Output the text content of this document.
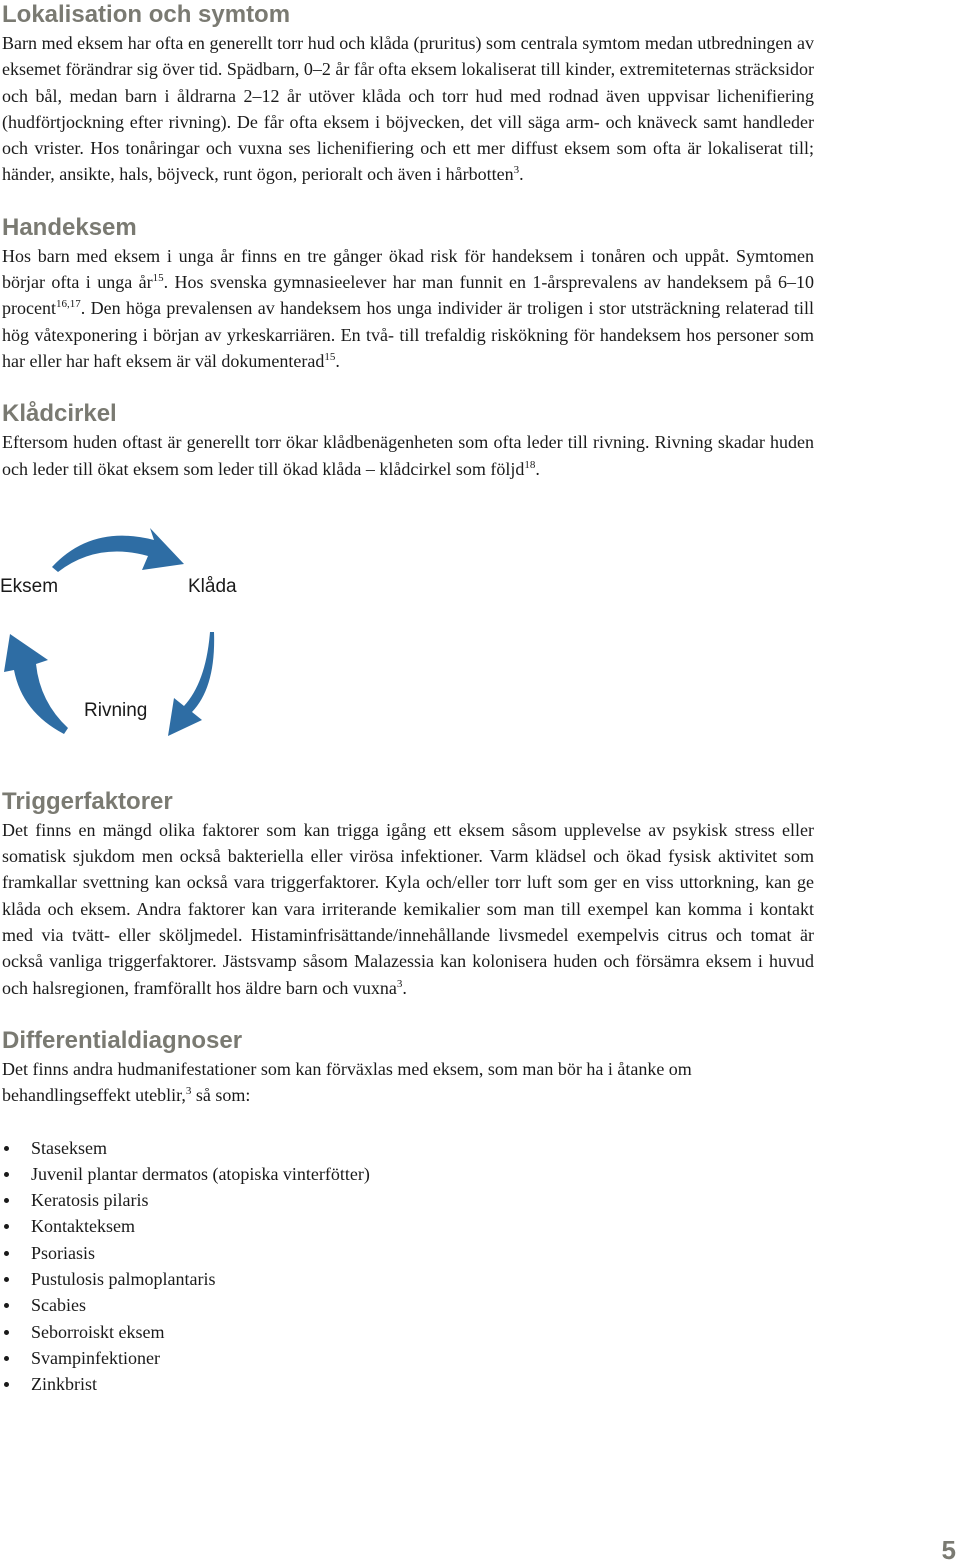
Lokalisation och symtom

Barn med eksem har ofta en generellt torr hud och klåda (pruritus) som centrala symtom medan utbredningen av eksemet förändrar sig över tid. Spädbarn, 0–2 år får ofta eksem lokaliserat till kinder, extremiteternas sträcksidor och bål, medan barn i åldrarna 2–12 år utöver klåda och torr hud med rodnad även uppvisar lichenifiering (hudförtjockning efter rivning). De får ofta eksem i böjvecken, det vill säga arm- och knäveck samt handleder och vrister. Hos tonåringar och vuxna ses lichenifiering och ett mer diffust eksem som ofta är lokaliserat till; händer, ansikte, hals, böjveck, runt ögon, perioralt och även i hårbotten$^3$.

Handeksem

Hos barn med eksem i unga år finns en tre gånger ökad risk för handeksem i tonåren och uppåt. Symtomen börjar ofta i unga $år^{15}$. Hos svenska gymnasieelever har man funnit en 1-årsprevalens av handeksem på 6–10 procent$^{16,17}$. Den höga prevalensen av handeksem hos unga individer är troligen i stor utsträckning relaterad till hög våtexponering i början av yrkeskarriären. En två- till trefaldig riskökning för handeksem hos personer som har eller har haft eksem är väl dokumenterad$^{15}$.

Klådcirkel

Eftersom huden oftast är generellt torr ökar klådbenägenheten som ofta leder till rivning. Rivning skadar huden och leder till ökat eksem som leder till ökad klåda – klådcirkel som följd$^{18}$.

Eksem	Klåda
Rivning
Triggerfaktorer

Det finns en mängd olika faktorer som kan trigga igång ett eksem såsom upplevelse av psykisk stress eller somatisk sjukdom men också bakteriella eller virösa infektioner. Varm klädsel och ökad fysisk aktivitet som framkallar svettning kan också vara triggerfaktorer. Kyla och/eller torr luft som ger en viss uttorkning, kan ge klåda och eksem. Andra faktorer kan vara irriterande kemikalier som man till exempel kan komma i kontakt med via tvätt- eller sköljmedel. Histaminfrisättande/innehållande livsmedel exempelvis citrus och tomat är också vanliga triggerfaktorer. Jästsvamp såsom Malazessia kan kolonisera huden och försämra eksem i huvud och halsregionen, framförallt hos äldre barn och vuxna$^3$.

Differentialdiagnoser

Det finns andra hudmanifestationer som kan förväxlas med eksem, som man bör ha i åtanke om behandlingseffekt uteblir,$^3$ så som:

Staseksem
Juvenil plantar dermatos (atopiska vinterfötter)
Keratosis pilaris
Kontakteksem
Psoriasis
Pustulosis palmoplantaris
Scabies
Seborroiskt eksem
Svampinfektioner
Zinkbrist
5
